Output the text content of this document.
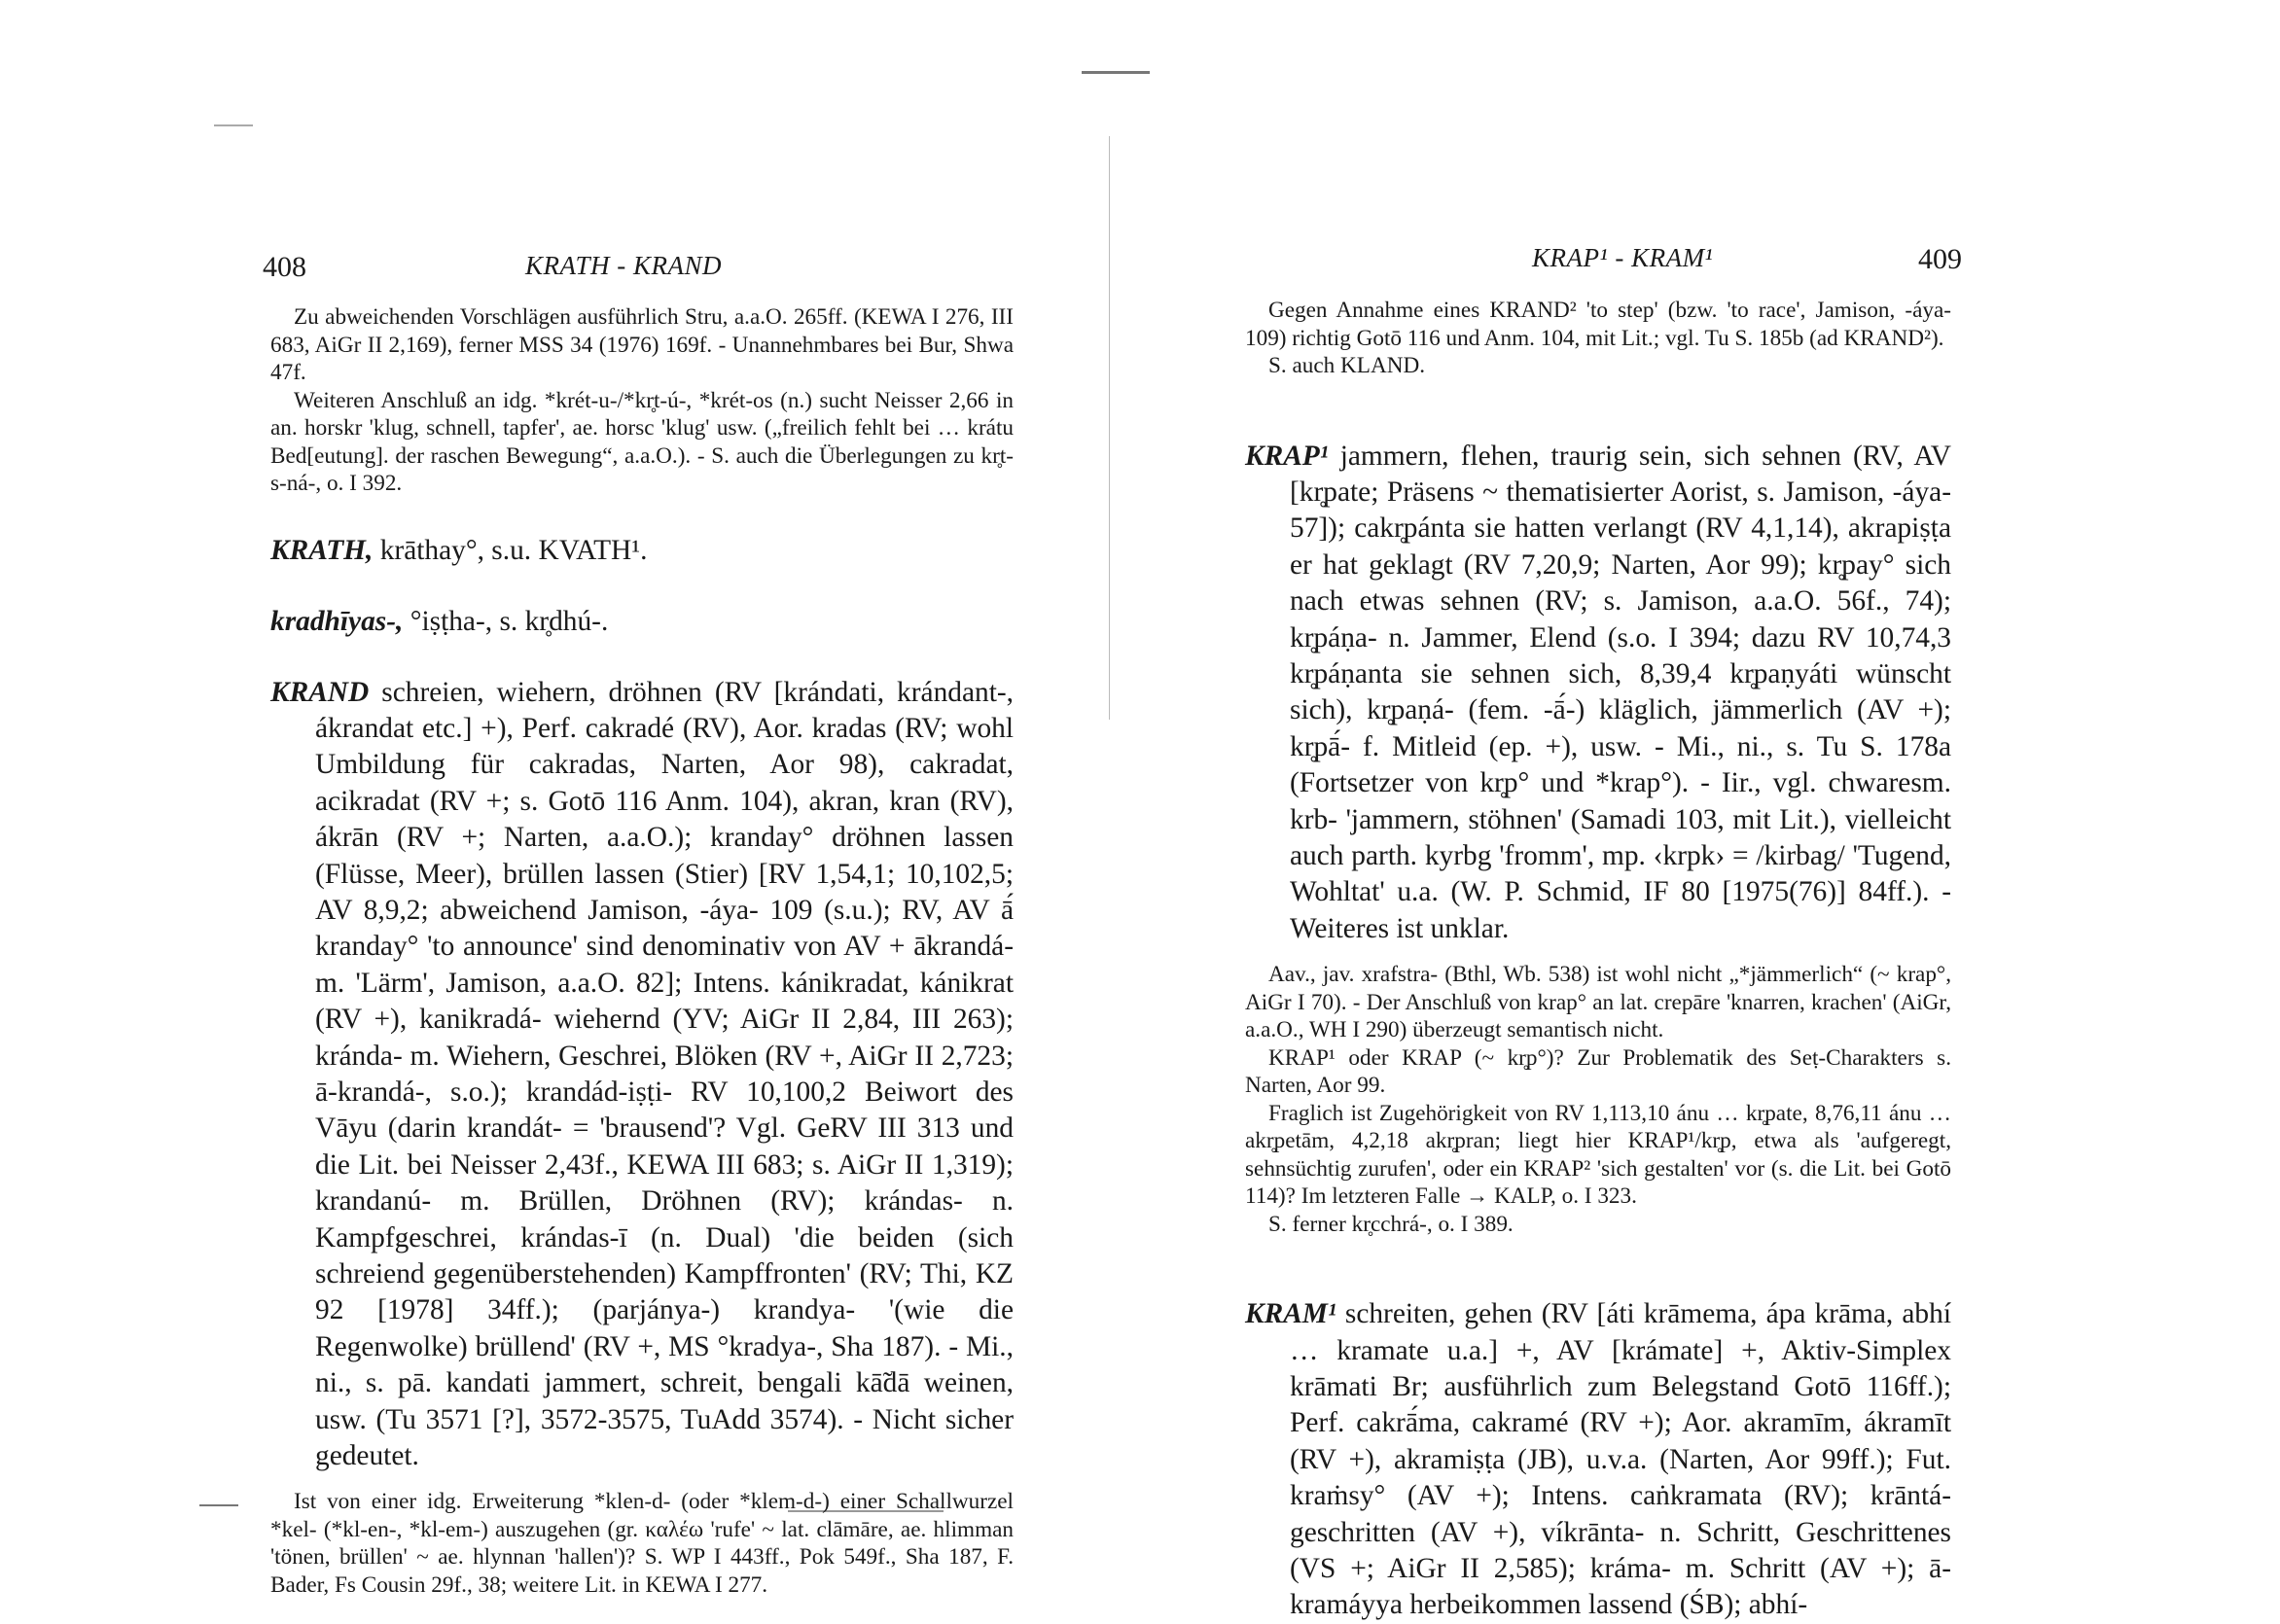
408	KRATH - KRAND

Zu abweichenden Vorschlägen ausführlich Stru, a.a.O. 265ff. (KEWA I 276, III 683, AiGr II 2,169), ferner MSS 34 (1976) 169f. - Unannehmbares bei Bur, Shwa 47f.

Weiteren Anschluß an idg. *krét-u-/*kr̥t-ú-, *krét-os (n.) sucht Neisser 2,66 in an. horskr 'klug, schnell, tapfer', ae. horsc 'klug' usw. („freilich fehlt bei … krátu Bed[eutung]. der raschen Bewegung“, a.a.O.). - S. auch die Überlegungen zu kr̥t-s-ná-, o. I 392.

KRATH, krāthay°, s.u. KVATH¹.

kradhīyas-, °iṣṭha-, s. kr̥dhú-.

KRAND schreien, wiehern, dröhnen (RV [krándati, krándant-, ákrandat etc.] +), Perf. cakradé (RV), Aor. kradas (RV; wohl Umbildung für cakradas, Narten, Aor 98), cakradat, acikradat (RV +; s. Gotō 116 Anm. 104), akran, kran (RV), ákrān (RV +; Narten, a.a.O.); kranday° dröhnen lassen (Flüsse, Meer), brüllen lassen (Stier) [RV 1,54,1; 10,102,5; AV 8,9,2; abweichend Jamison, -áya- 109 (s.u.); RV, AV ā́ kranday° 'to announce' sind denominativ von AV + ākrandá- m. 'Lärm', Jamison, a.a.O. 82]; Intens. kánikradat, kánikrat (RV +), kanikradá- wiehernd (YV; AiGr II 2,84, III 263); kránda- m. Wiehern, Geschrei, Blöken (RV +, AiGr II 2,723; ā-krandá-, s.o.); krandád-iṣṭi- RV 10,100,2 Beiwort des Vāyu (darin krandát- = 'brausend'? Vgl. GeRV III 313 und die Lit. bei Neisser 2,43f., KEWA III 683; s. AiGr II 1,319); krandanú- m. Brüllen, Dröhnen (RV); krándas- n. Kampfgeschrei, krándas-ī (n. Dual) 'die beiden (sich schreiend gegenüberstehenden) Kampffronten' (RV; Thi, KZ 92 [1978] 34ff.); (parjánya-) krandya- '(wie die Regenwolke) brüllend' (RV +, MS °kradya-, Sha 187). - Mi., ni., s. pā. kandati jammert, schreit, bengali kā̃dā weinen, usw. (Tu 3571 [?], 3572-3575, TuAdd 3574). - Nicht sicher gedeutet.

Ist von einer idg. Erweiterung *klen-d- (oder *klem-d-) einer Schallwurzel *kel- (*kl-en-, *kl-em-) auszugehen (gr. καλέω 'rufe' ~ lat. clāmāre, ae. hlimman 'tönen, brüllen' ~ ae. hlynnan 'hallen')? S. WP I 443ff., Pok 549f., Sha 187, F. Bader, Fs Cousin 29f., 38; weitere Lit. in KEWA I 277.

KRAP¹ - KRAM¹	409

Gegen Annahme eines KRAND² 'to step' (bzw. 'to race', Jamison, -áya- 109) richtig Gotō 116 und Anm. 104, mit Lit.; vgl. Tu S. 185b (ad KRAND²).

S. auch KLAND.

KRAP¹ jammern, flehen, traurig sein, sich sehnen (RV, AV [kr̥pate; Präsens ~ thematisierter Aorist, s. Jamison, -áya- 57]); cakr̥pánta sie hatten verlangt (RV 4,1,14), akrapiṣṭa er hat geklagt (RV 7,20,9; Narten, Aor 99); kr̥pay° sich nach etwas sehnen (RV; s. Jamison, a.a.O. 56f., 74); kr̥páṇa- n. Jammer, Elend (s.o. I 394; dazu RV 10,74,3 kr̥páṇanta sie sehnen sich, 8,39,4 kr̥paṇyáti wünscht sich), kr̥paṇá- (fem. -ā́-) kläglich, jämmerlich (AV +); kr̥pā́- f. Mitleid (ep. +), usw. - Mi., ni., s. Tu S. 178a (Fortsetzer von kr̥p° und *krap°). - Iir., vgl. chwaresm. krb- 'jammern, stöhnen' (Samadi 103, mit Lit.), vielleicht auch parth. kyrbg 'fromm', mp. ‹krpk› = /kirbag/ 'Tugend, Wohltat' u.a. (W. P. Schmid, IF 80 [1975(76)] 84ff.). - Weiteres ist unklar.

Aav., jav. xrafstra- (Bthl, Wb. 538) ist wohl nicht „*jämmerlich“ (~ krap°, AiGr I 70). - Der Anschluß von krap° an lat. crepāre 'knarren, krachen' (AiGr, a.a.O., WH I 290) überzeugt semantisch nicht.

KRAP¹ oder KRAP (~ kr̥p°)? Zur Problematik des Seṭ-Charakters s. Narten, Aor 99.

Fraglich ist Zugehörigkeit von RV 1,113,10 ánu … kr̥pate, 8,76,11 ánu … akr̥petām, 4,2,18 akr̥pran; liegt hier KRAP¹/kr̥p, etwa als 'aufgeregt, sehnsüchtig zurufen', oder ein KRAP² 'sich gestalten' vor (s. die Lit. bei Gotō 114)? Im letzteren Falle → KALP, o. I 323.

S. ferner kr̥cchrá-, o. I 389.

KRAM¹ schreiten, gehen (RV [áti krāmema, ápa krāma, abhí … kramate u.a.] +, AV [krámate] +, Aktiv-Simplex krāmati Br; ausführlich zum Belegstand Gotō 116ff.); Perf. cakrā́ma, cakramé (RV +); Aor. akramīm, ákramīt (RV +), akramiṣṭa (JB), u.v.a. (Narten, Aor 99ff.); Fut. kraṁsy° (AV +); Intens. caṅkramata (RV); krāntá- geschritten (AV +), víkrānta- n. Schritt, Geschrittenes (VS +; AiGr II 2,585); kráma- m. Schritt (AV +); ā-kramáyya herbeikommen lassend (ŚB); abhí-
